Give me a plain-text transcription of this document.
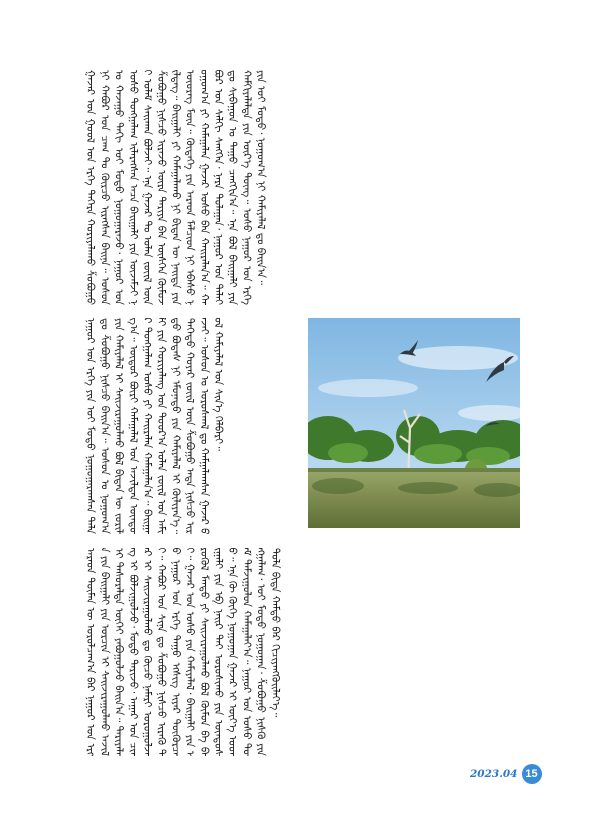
ᠭᠠᠵᠠᠷ ᠤᠨ ᠭᠤᠤᠯ ᠤᠨ ᠡᠷᠭᠡ ᠳᠡᠭᠡᠷᠡ ᠬᠤᠷᠢᠶᠠᠯᠠᠬᠤ ᠱᠤᠪᠤᠭᠤ ᠨᠢ ᠬᠠᠪᠤᠷ ᠤᠨ ᠴᠠᠭ ᠲᠤ ᠬᠦᠷᠴᠦ ᠢᠷᠡᠭᠰᠡᠨ ᠪᠠᠢᠨᠠ᠃ ᠤᠰᠤᠨ ᠤ ᠬᠠᠵᠠᠭᠤ ᠳᠠᠬᠢ ᠤᠢ ᠮᠣᠳᠣ ᠨᠣᠭᠣᠭᠠᠷᠠᠵᠤ᠂ ᠨᠠᠭᠤᠷ ᠤᠨ ᠤᠰᠤ ᠲᠤᠩᠭᠠᠯᠠᠭ ᠢᠯᠡᠷᠡᠭᠰᠡᠨ ᠠᠴᠠ ᠪᠠᠢᠭᠠᠯᠢ ᠶᠢᠨ ᠦᠵᠡᠮᠵᠢ ᠨᠢ ᠤᠯᠠᠮ ᠰᠠᠢᠬᠠᠨ ᠪᠣᠯᠵᠠᠢ᠃ ᠡᠨᠡ ᠭᠠᠵᠠᠷ ᠲᠤ ᠤᠯᠠᠨ ᠵᠦᠢᠯ ᠦᠨ ᠱᠤᠪᠤᠭᠤ ᠨᠢᠰᠴᠦ ᠢᠷᠡᠵᠦ ᠦᠷᠡ ᠲᠠᠷᠢᠶᠠ ᠪᠠᠨ ᠥᠰᠭᠡᠨ ᠬᠦᠮᠦᠵᠢᠯᠳᠡᠭ᠃ ᠪᠠᠢᠭᠠᠯᠢ ᠶᠢ ᠬᠠᠮᠠᠭᠠᠯᠠᠬᠤ ᠨᠢ ᠪᠢᠳᠡᠨ ᠦ ᠨᠡᠢᠲᠡ ᠶᠢᠨ ᠦᠦᠷᠡᠭ ᠮᠥᠨ᠃ ᠬᠥᠳᠡᠭᠡ ᠶᠢᠨ ᠠᠷᠠᠳ ᠮᠠᠯᠴᠢᠳ ᠨᠢ ᠡᠪᠡᠰᠦ ᠨᠣᠭᠣᠭ᠎ᠠ ᠶᠢ ᠬᠠᠮᠠᠭᠠᠯᠠᠨ ᠭᠠᠵᠠᠷ ᠤᠰᠤ ᠪᠠᠨ ᠬᠠᠢᠷᠠᠯᠠᠨ᠎ᠠ᠃ ᠬᠠᠪᠤᠷ ᠤᠨ ᠰᠠᠯᠬᠢ ᠰᠡᠩᠭᠡᠨ᠂ ᠨᠠᠷᠠ ᠳᠤᠯᠠᠭᠠᠨ᠂ ᠨᠠᠭᠤᠷ ᠤᠨ ᠳᠠᠯᠠᠢ ᠳᠤ ᠰᠢᠪᠠᠭᠤᠨ ᠤ ᠳᠠᠭᠤ ᠴᠠᠩᠭᠢᠨ᠎ᠠ᠃ ᠡᠨᠡ ᠪᠣᠯ ᠪᠠᠢᠭᠠᠯᠢ ᠶᠢᠨ ᠬᠠᠮᠭᠢᠶᠠᠯᠠᠯᠲᠠ ᠶᠢᠨ ᠦᠷ᠎ᠡ ᠳᠦᠩ᠃ ᠤᠰᠤ ᠨᠠᠭᠤᠷ ᠤᠨ ᠡᠷᠭᠡ ᠶᠢᠨ ᠤᠢ ᠮᠣᠳᠣ᠂ ᠨᠣᠭᠣᠭ᠎ᠠ ᠨᠢ ᠬᠠᠮᠢᠶᠠᠯᠠᠯ ᠳᠤ ᠪᠠᠢᠨ᠎ᠠ᠃
ᠨᠠᠭᠤᠷ ᠤᠨ ᠡᠷᠭᠡ ᠶᠢᠨ ᠤᠢ ᠮᠣᠳᠣ ᠨᠣᠭᠣᠭᠠᠷᠠᠭᠰᠠᠨ ᠲᠠᠯᠠ ᠳᠤ ᠱᠤᠪᠤᠭᠤ ᠨᠢᠰᠴᠦ ᠪᠠᠢᠨ᠎ᠠ᠃ ᠤᠰᠤᠨ ᠤ ᠨᠣᠭᠣᠭ᠎ᠠ ᠶᠢᠨ ᠬᠠᠮᠢᠶᠠᠯᠠᠯ ᠢ ᠰᠠᠢᠵᠢᠷᠠᠭᠤᠯᠬᠤ ᠪᠣᠯ ᠪᠢᠳᠡᠨ ᠦ ᠵᠣᠷᠢᠯᠭ᠎ᠠ᠃ ᠥᠳᠥᠷ ᠪᠦᠷᠢ ᠬᠠᠮᠠᠭᠠᠯᠠᠯ ᠤᠨ ᠠᠵᠢᠯᠲᠠᠨ ᠥᠨᠳᠥᠷ ᠲᠤᠩᠭᠠᠯᠠᠭ ᠤᠰᠤ ᠶᠢ ᠬᠠᠢᠷᠠᠯᠠᠨ ᠬᠠᠮᠠᠭᠠᠯᠠᠨ᠎ᠠ᠃ ᠪᠠᠢᠭᠠᠯᠢ ᠶᠢᠨ ᠬᠣᠷᠢᠶᠠᠯᠠᠩ ᠤᠨ ᠳᠣᠣᠷ᠎ᠠ ᠤᠯᠠᠨ ᠵᠦᠢᠯ ᠤᠨ ᠠᠮᠢᠳᠤ ᠪᠣᠳᠠᠰ ᠨᠢ ᠡᠮᠦᠨᠡᠳᠦ ᠶᠢᠨ ᠬᠠᠮᠢᠶᠠᠯᠠᠯ ᠢ ᠬᠦᠯᠢᠶᠡᠨ᠎ᠡ᠃ ᠳᠡᠭᠡᠳᠦ ᠬᠣᠶᠠᠷ ᠵᠦᠢᠯ ᠦᠨ ᠱᠤᠪᠤᠭᠤ ᠡᠨᠳᠡ ᠨᠢᠰᠴᠦ ᠢᠷᠡᠵᠡᠢ᠃ ᠤᠰᠤᠨ ᠤ ᠤᠷᠤᠰᠬᠠᠯ ᠳᠤ ᠬᠠᠮᠭᠠᠯᠠᠭᠰᠠᠨ ᠭᠠᠵᠠᠷ ᠪᠣᠯ ᠬᠠᠮᠢᠶᠠᠯᠠᠯ ᠤᠨ ᠰᠢᠨ᠎ᠡ ᠬᠡᠯᠪᠡᠷᠢ᠃
ᠠᠷᠠᠳ ᠲᠦᠮᠡᠨ ᠦ ᠣᠷᠣᠯᠴᠠᠭ᠎ᠠ ᠪᠠᠷ ᠨᠠᠭᠤᠷ ᠤᠨ ᠡᠷᠭᠡ ᠶᠢᠨ ᠪᠠᠢᠭᠠᠯᠢ ᠶᠢᠨ ᠣᠷᠴᠢᠨ ᠢ ᠰᠠᠢᠵᠢᠷᠠᠭᠤᠯᠬᠤ ᠠᠵᠢᠯ ᠢ ᠲᠠᠰᠤᠷᠠᠯᠲᠠ ᠦᠭᠡᠢ ᠶᠠᠪᠤᠭᠤᠯᠵᠤ ᠪᠠᠢᠨ᠎ᠠ᠃ ᠲᠠᠷᠢᠶᠠᠯᠠᠩ ᠢ ᠪᠣᠯᠵᠢᠭᠤᠯᠵᠤ᠂ ᠮᠣᠳᠣ ᠲᠠᠷᠢᠵᠤ᠂ ᠠᠭᠠᠷ ᠤᠨ ᠴᠢᠨᠠᠷ ᠢ ᠰᠠᠢᠵᠢᠷᠠᠭᠤᠯᠬᠤ ᠳᠤ ᠬᠦᠴᠦ ᠨᠡᠮᠡᠷᠢ ᠣᠷᠣᠭᠤᠯᠵᠠᠢ᠃ ᠬᠠᠪᠤᠷ ᠤᠨ ᠰᠢᠨᠡ ᠳᠤ ᠱᠤᠪᠤᠭᠤ ᠨᠢᠰᠴᠦ ᠢᠷᠡᠬᠦ ᠳᠦ ᠨᠠᠭᠤᠷ ᠤᠨ ᠡᠷᠭᠡ ᠳᠠᠭᠤ ᠡᠭᠰᠢᠭ ᠢᠶᠡᠷ ᠳᠦᠭᠦᠷᠴᠡᠢ᠃ ᠭᠠᠵᠠᠷ ᠤᠨ ᠤᠰᠤ ᠶᠢᠨ ᠬᠠᠮᠢᠶᠠᠯᠠᠯ᠂ ᠪᠠᠢᠭᠠᠯᠢ ᠶᠢᠨ ᠡᠷᠦᠬᠦᠯ ᠮᠡᠨᠳᠦ ᠶᠢ ᠰᠠᠢᠵᠢᠷᠠᠭᠤᠯᠬᠤ ᠪᠣᠯ ᠬᠦᠮᠦᠨ ᠪᠠ ᠪᠠᠢᠭᠠᠯᠢ ᠶᠢᠨ ᠡᠪ ᠨᠠᠢᠷ ᠲᠠᠢ ᠣᠷᠣᠰᠢᠬᠤ ᠶᠢᠨ ᠦᠨᠳᠦᠰᠦ᠃ ᠡᠨᠡ ᠬᠦ ᠬᠥᠬᠡ ᠨᠣᠭᠣᠭᠠᠨ ᠭᠠᠵᠠᠷ ᠢ ᠦᠶ᠎ᠡ ᠤᠳᠠᠮ ᠳᠠᠮᠵᠢᠭᠤᠯᠤᠨ ᠬᠠᠮᠠᠭᠠᠯᠠᠶ᠎ᠠ᠃ ᠨᠠᠭᠤᠷ ᠤᠨ ᠤᠰᠤ ᠲᠤᠩᠭᠠᠯᠠᠭ᠂ ᠤᠢ ᠮᠣᠳᠣ ᠨᠣᠭᠣᠭᠠᠨ᠂ ᠱᠤᠪᠤᠭᠤ ᠨᠢᠰᠬᠦ ᠶᠢᠨ ᠲᠤᠯᠠ ᠪᠢᠳᠡ ᠬᠠᠮᠲᠤ ᠪᠠᠷ ᠬᠢᠴᠢᠶᠡᠩᠭᠦᠢᠯᠡᠶ᠎ᠡ᠃
2023.04 15
